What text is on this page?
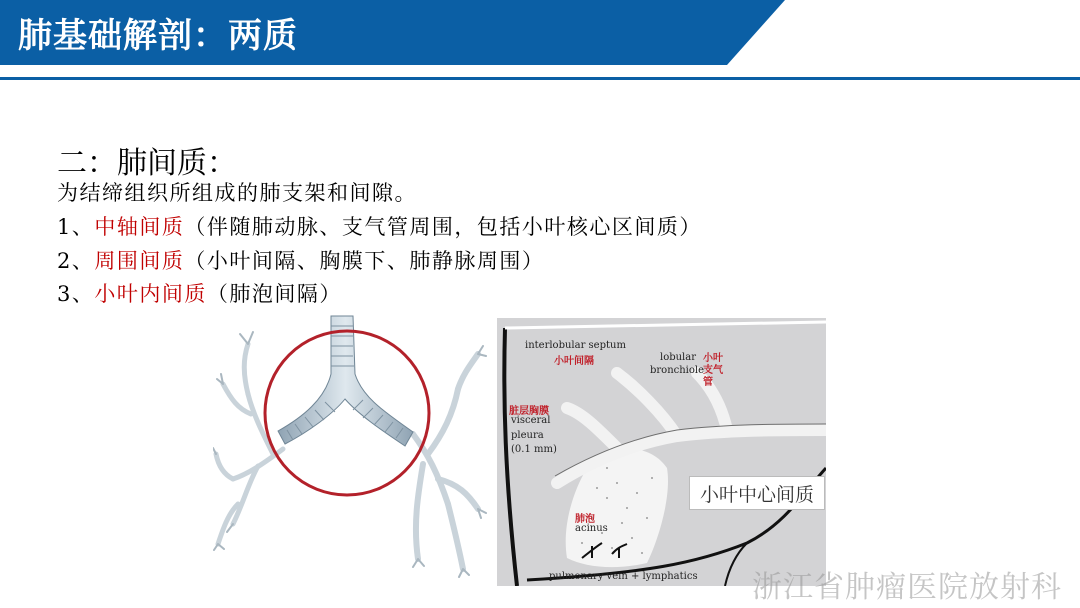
肺基础解剖：两质
二：肺间质：
为结缔组织所组成的肺支架和间隙。
1、中轴间质（伴随肺动脉、支气管周围，包括小叶核心区间质）
2、周围间质（小叶间隔、胸膜下、肺静脉周围）
3、小叶内间质（肺泡间隔）
interlobular septum
小叶间隔	lobular
bronchiole
小叶支气管
脏层胸膜
visceral
pleura
(0.1 mm)
肺泡
acinus
pulmonary vein + lymphatics
小叶中心间质
浙江省肿瘤医院放射科
